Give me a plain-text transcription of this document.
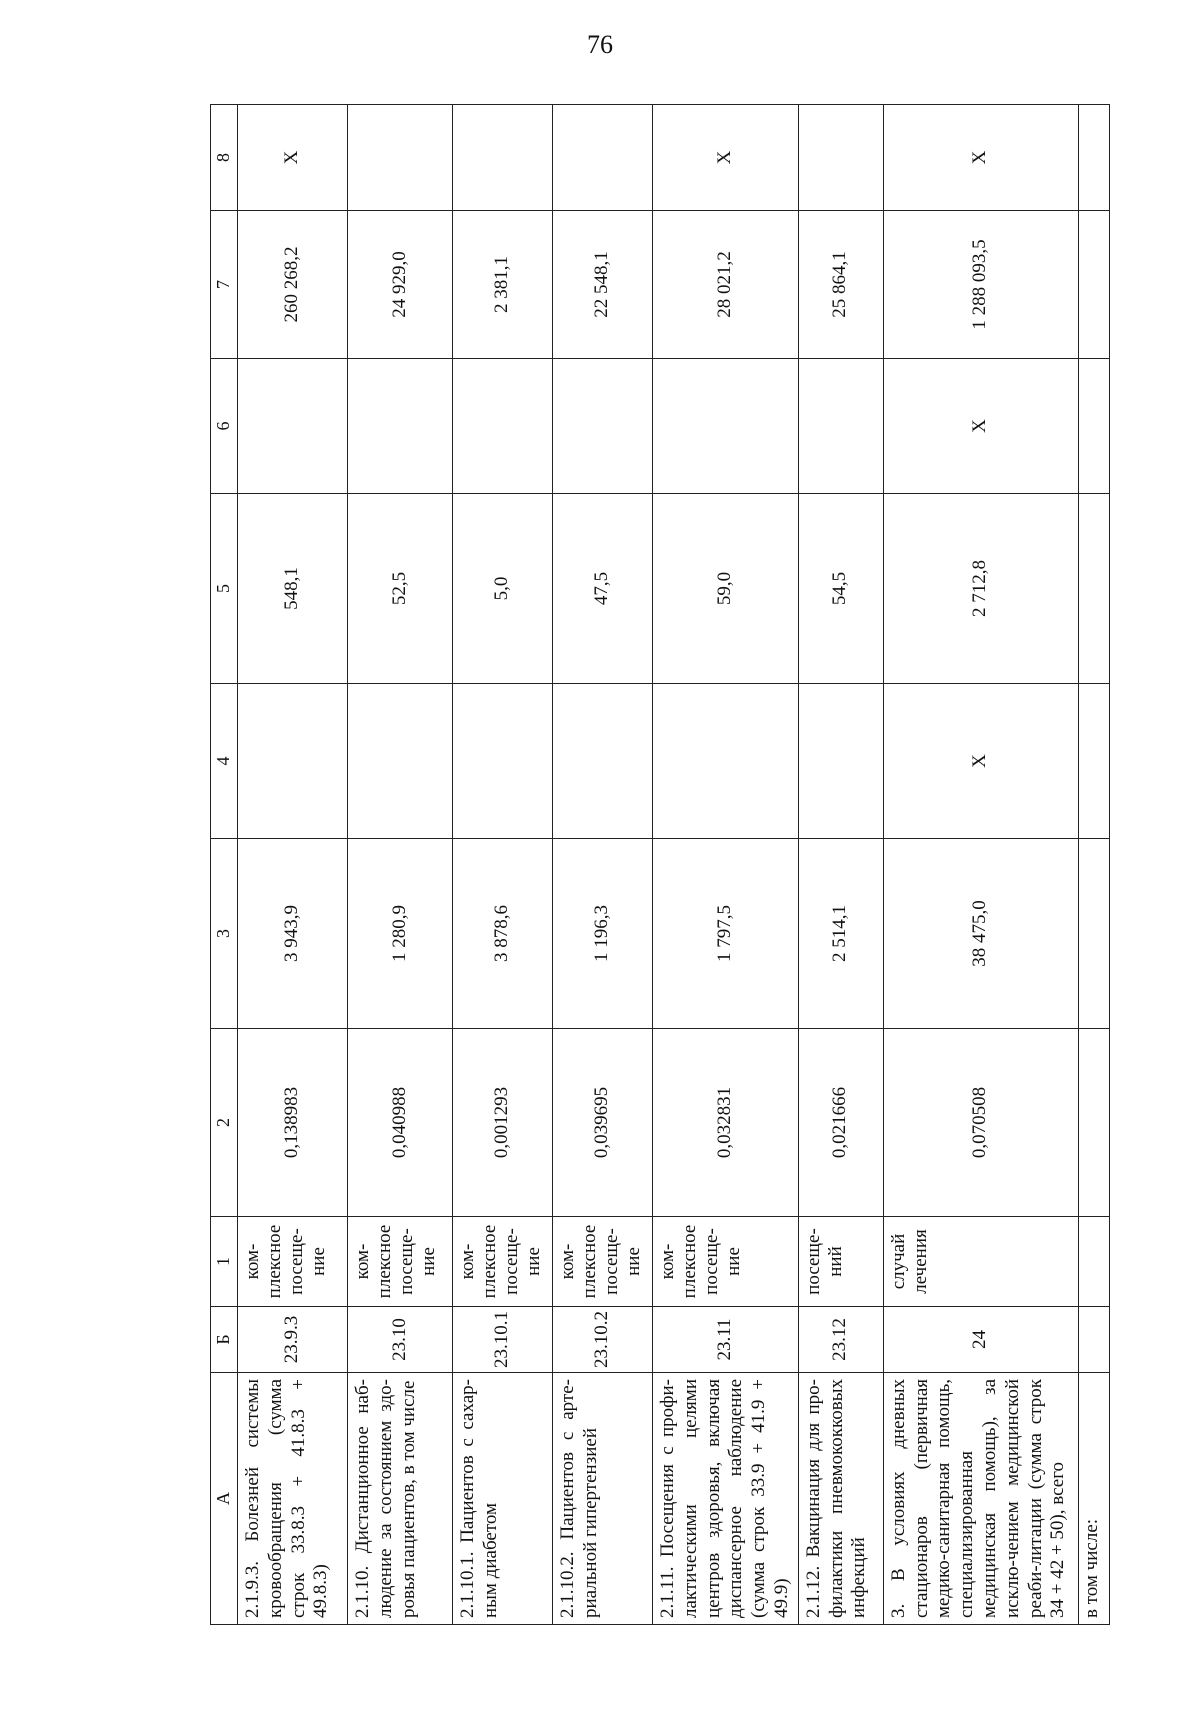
76
А	Б	1	2	3	4	5	6	7	8
2.1.9.3. Болезней системы кровообращения (сумма строк 33.8.3 + 41.8.3 + 49.8.3)	23.9.3	ком-плексное посеще-ние	0,138983	3 943,9		548,1		260 268,2	Х
2.1.10. Дистанционное наб-людение за состоянием здо-ровья пациентов, в том числе	23.10	ком-плексное посеще-ние	0,040988	1 280,9		52,5		24 929,0	
2.1.10.1. Пациентов с сахар-ным диабетом	23.10.1	ком-плексное посеще-ние	0,001293	3 878,6		5,0		2 381,1	
2.1.10.2. Пациентов с арте-риальной гипертензией	23.10.2	ком-плексное посеще-ние	0,039695	1 196,3		47,5		22 548,1	
2.1.11. Посещения с профи-лактическими целями центров здоровья, включая диспансерное наблюдение (сумма строк 33.9 + 41.9 + 49.9)	23.11	ком-плексное посеще-ние	0,032831	1 797,5		59,0		28 021,2	Х
2.1.12. Вакцинация для про-филактики пневмококковых инфекций	23.12	посеще-ний	0,021666	2 514,1		54,5		25 864,1	
3. В условиях дневных стационаров (первичная медико-санитарная помощь, специализированная медицинская помощь), за исклю-чением медицинской реаби-литации (сумма строк 34 + 42 + 50), всего	24	случай лечения	0,070508	38 475,0	Х	2 712,8	Х	1 288 093,5	Х
в том числе:									
